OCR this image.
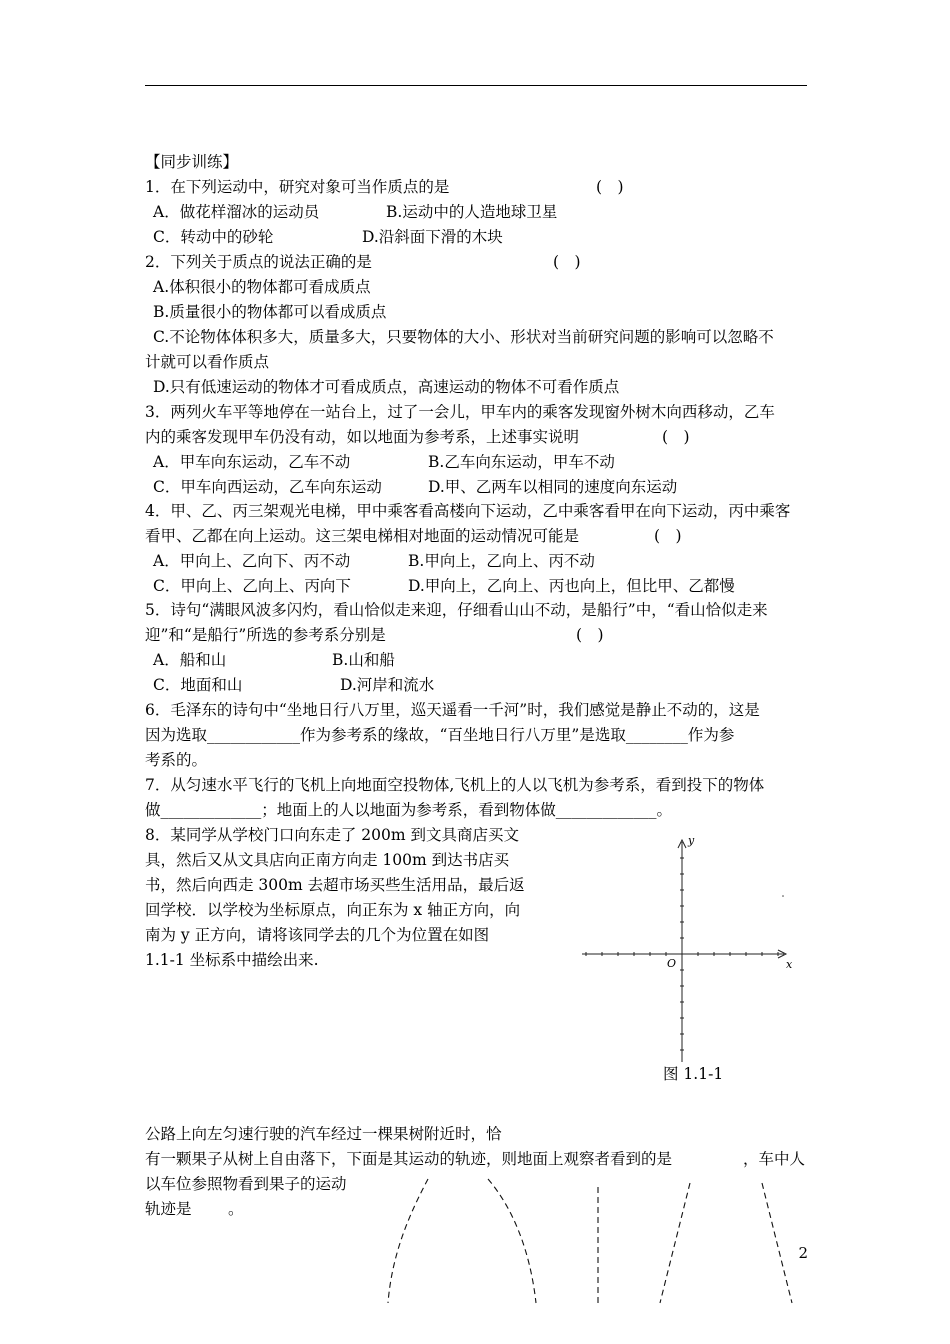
【同步训练】
1．在下列运动中，研究对象可当作质点的是	(　)
A．做花样溜冰的运动员	B.运动中的人造地球卫星
C．转动中的砂轮	D.沿斜面下滑的木块
2．下列关于质点的说法正确的是	(　)
A.体积很小的物体都可看成质点
B.质量很小的物体都可以看成质点
C.不论物体体积多大，质量多大，只要物体的大小、形状对当前研究问题的影响可以忽略不
计就可以看作质点
D.只有低速运动的物体才可看成质点，高速运动的物体不可看作质点
3．两列火车平等地停在一站台上，过了一会儿，甲车内的乘客发现窗外树木向西移动，乙车
内的乘客发现甲车仍没有动，如以地面为参考系，上述事实说明	(　)
A．甲车向东运动，乙车不动	B.乙车向东运动，甲车不动
C．甲车向西运动，乙车向东运动	D.甲、乙两车以相同的速度向东运动
4．甲、乙、丙三架观光电梯，甲中乘客看高楼向下运动，乙中乘客看甲在向下运动，丙中乘客
看甲、乙都在向上运动。这三架电梯相对地面的运动情况可能是	(　)
A．甲向上、乙向下、丙不动	B.甲向上，乙向上、丙不动
C．甲向上、乙向上、丙向下	D.甲向上，乙向上、丙也向上，但比甲、乙都慢
5．诗句“满眼风波多闪灼，看山恰似走来迎，仔细看山山不动，是船行”中，“看山恰似走来
迎”和“是船行”所选的参考系分别是	(　)
A．船和山	B.山和船
C．地面和山	D.河岸和流水
6．毛泽东的诗句中“坐地日行八万里，巡天遥看一千河”时，我们感觉是静止不动的，这是
因为选取____________作为参考系的缘故，“百坐地日行八万里”是选取________作为参
考系的。
7．从匀速水平飞行的飞机上向地面空投物体,飞机上的人以飞机为参考系，看到投下的物体
做_____________；地面上的人以地面为参考系，看到物体做_____________。
8．某同学从学校门口向东走了 200m 到文具商店买文
具，然后又从文具店向正南方向走 100m 到达书店买
书，然后向西走 300m 去超市场买些生活用品，最后返
回学校．以学校为坐标原点，向正东为 x 轴正方向，向
南为 y 正方向，请将该同学去的几个为位置在如图
1.1-1 坐标系中描绘出来.
y
x
O
图 1.1-1
公路上向左匀速行驶的汽车经过一棵果树附近时，恰
有一颗果子从树上自由落下，下面是其运动的轨迹，则地面上观察者看到的是	，车中人
以车位参照物看到果子的运动
轨迹是 。
2
